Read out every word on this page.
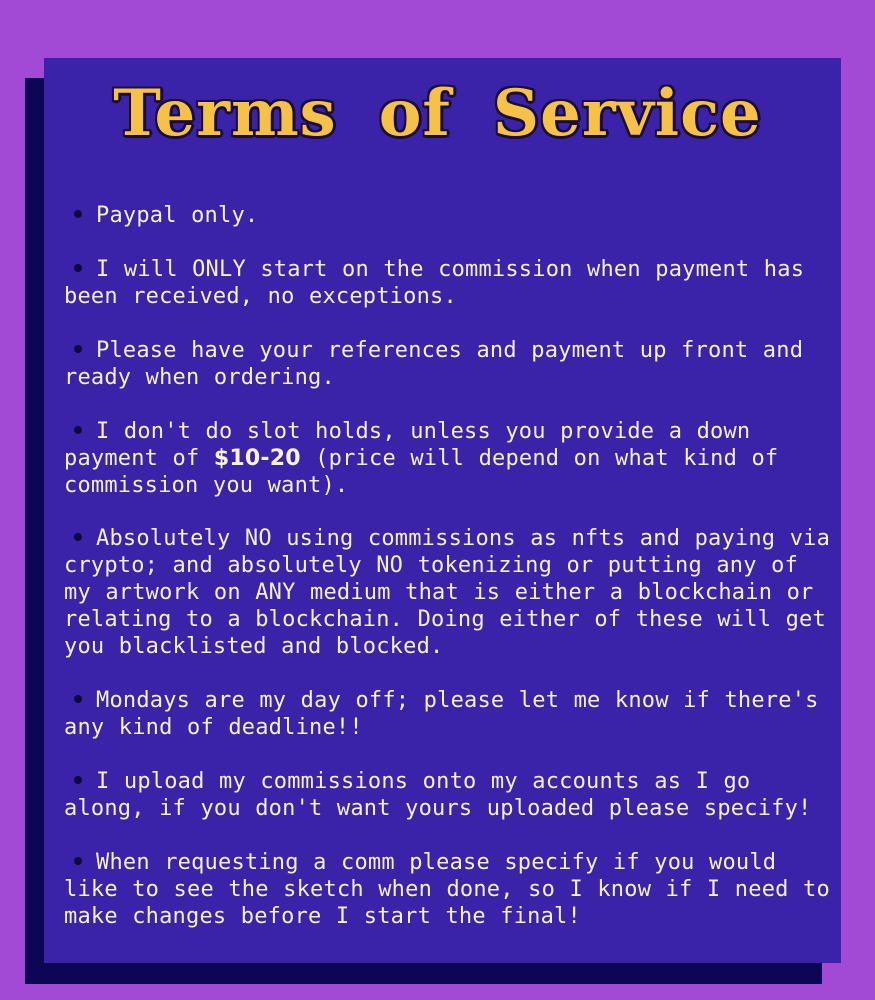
Terms of Service
Paypal only.
I will ONLY start on the commission when payment has been received, no exceptions.
Please have your references and payment up front and ready when ordering.
I don't do slot holds, unless you provide a down payment of $10-20 (price will depend on what kind of commission you want).
Absolutely NO using commissions as nfts and paying via crypto; and absolutely NO tokenizing or putting any of my artwork on ANY medium that is either a blockchain or relating to a blockchain. Doing either of these will get you blacklisted and blocked.
Mondays are my day off; please let me know if there's any kind of deadline!!
I upload my commissions onto my accounts as I go along, if you don't want yours uploaded please specify!
When requesting a comm please specify if you would like to see the sketch when done, so I know if I need to make changes before I start the final!
